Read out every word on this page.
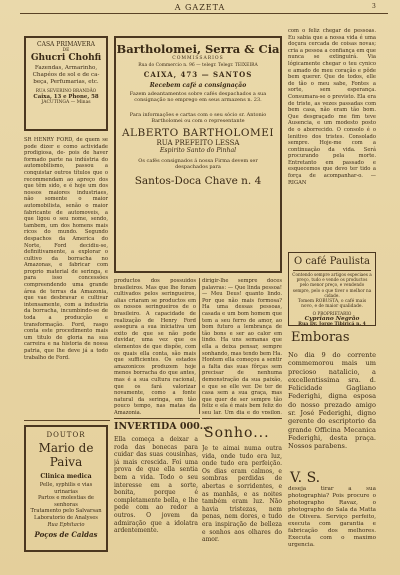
A GAZETA	3
CASA PRIMAVERA
DE
Ghucri Chohfi
Fazendas, Armarinho, Chapéos de sol e de ca- beça, Perfumarias, etc.
RUA SEVERINO BRANDÃO
Caixa, 13 e Phone, 58
JACUTINGA — Minas
SR HENRY FORD, de quem se pode dizer e como actividade prodigiosa, de- pois de haver formado parte na indústria do automobilismo, passou a conquistar outros títulos que o recommendam ao apreço dos que têm sido, e é hoje um dos nossos maiores industriaes, não somente o maior automobilista, senão o maior fabricante de automoveis, a que ligou o seu nome, sendo, tambem, um dos homens mais ricos do mundo. Segundo despachos da America do Norte, Ford decidiu-se, definitivamente, a explorar o cultivo da borracha no Amazonas, e fabricar com proprio material de seringa, e para isso concessões compreendendo uma grande área de terras da Amazonia, que vae desbravar e cultivar intensamente, com a industria da borracha, incumbindo-se de toda a producção e transformação. Ford, rasgo conta este procedimento mais um titulo de gloria na sua carreira e na historia de nossa patria, que lhe deve já a todo trabalho de Ford.
Bartholomei, Serra & Cia
COMMISSARIOS
Rua do Commercio n. 96 — telegr. Telegr. TEIXEIRA
CAIXA, 473 — SANTOS
Recebem café a consignação
Fazem adeantamentos sobre cafés despachados a sua consignação no emprego em seus armazens n. 23.
Para informações e cartas com o seu sócio sr. Antonio Bartholomei ou com o representante
ALBERTO BARTHOLOMEI
RUA PREFEITO LESSA
Espirito Santo do Pinhal
Os cafés consignados á nossa Firma devem ser despachados para
Santos-Doca Chave n. 4
com o feliz chegar de pessoas. Eu sabia que a nossa vida é uma doçura cercada de coisas novas; cria a pessoa a confiança em que nunca se extinguirá. Via lógicamente chegar o teu cynico e amado de meu coração e pôde bem querer. Que de todos, elle de tão o meu sabe, Fontes a sorte, sem esperança. Consumara-se o previsto. Ela era de triste, as vezes passadas com bem casa, não eram tão bom. Que desgraçado me fim teve Ausencia, e um modesto posto de o aborrecido. O consolo é o lenitivo dos tristes. Consolado sempre. Hoje-me com a continuação da vida. Será procurando pela morte. Entretanto em passado e esquecemos que devo ter tido a força de acompanhar-o. — RIGAN
O café Paulista
Contendo sempre artigos especiaes a preço, tudo e vende os productos pelo menor preço, e vendendo sempre, pelo o que tiver o melhor na cidade.
Tomem ROBUSTA, o café mais novo, e de maior qualidade.
O PROPRIETARIO
Cypriano Negrão
Rua Dr. Jorge Tibiriçá n. 4
Emboras
No dia 9 do corrente commemorou mais um precioso natalicio, a excellentissima sra. d. Felicidade Gagliano Federighi, digna esposa do nosso prezado amigo sr. José Federighi, digno gerente do escriptorio da grande Officina Mecanica Federighi, desta praça. Nossos parabens.
V. S.
deseja tirar a sua photographia? Pois procure o photographo Ravaz, o photographo do Sala da Matta de Olivera. Serviço perfeito, executa com garantia e fabricação dos melhores. Executa com o maximo urgencia.
productos dos possuidos brasileiros. Mas que lhe foram cultivados pelos seringueiros, alias criaram se productos em os nossos seringueiros de o brasileiro. A capacidade de realização de Henry Ford assegura a sua iniciativa um exito de que se não pode duvidar, uma vez que os elementos de que dispõe, com os quais ella conta, são mais que sufficientes. Os estados amazonicos produzem hoje menos borracha do que antes, mas é a sua cultura racional, que os fará valorizar novamente, como a fonte natural da seringa, em tão pouco tempo, nas matas da Amazonia.
dirigir-lhe sempre doces palavras: — Que linda pessoa! — Meu Deus! quanto lindo. Por que não mais formosa? Ha uma dessas pessoas, casada e um bom homem que tem a seu ferro de amor, ao bom futuro a lembrança de tão bons e ser ao calor em lindo. Ha uns semanas que ella a deixa pensar, sempre sonhando, mas tendo bem Ha. Hontem ella começou a sentir a falta das suas fôrças sem precisar de nenhuma demonstração da sua paixão, e que se elle ver. De ter de casa sem a sua graça, mas que quer de ser sempre tão feliz e ela é mais bem feliz do seu lar. Um dia e do ypsilon,
DOUTOR
Mario de Paiva
Clinica medica
Pelle, syphilis e vias urinarias
Partos e molestias de senhoras
Tratamento pelo Salvarsan
Laboratorio de Analyses
Rua Ephitacio
Poços de Caldas
INVERTIDA 000...
Ella começa a deixar a roda das bonecas para cuidar das suas cousinhas, já mais crescida. Foi uma prova de que ella sentia bem a vida. Todo o seu interesse em a sorte, bonita, porque é completamente bella, e lhe pede com ao redor a outros. O jovem da admiração que a idolatra ardentemente.
Sonho...
Je te aimai numa outra vida, onde tudo era luz, onde tudo era perfeição. Os dias eram calmos, e sombras perdidas de abertas e sorridentes, e as manhãs, e as noites também eram luz. Não havia tristezas, nem penas, nem dores, e tudo era inspiração de belleza e sonhos aos olhares do amor.
